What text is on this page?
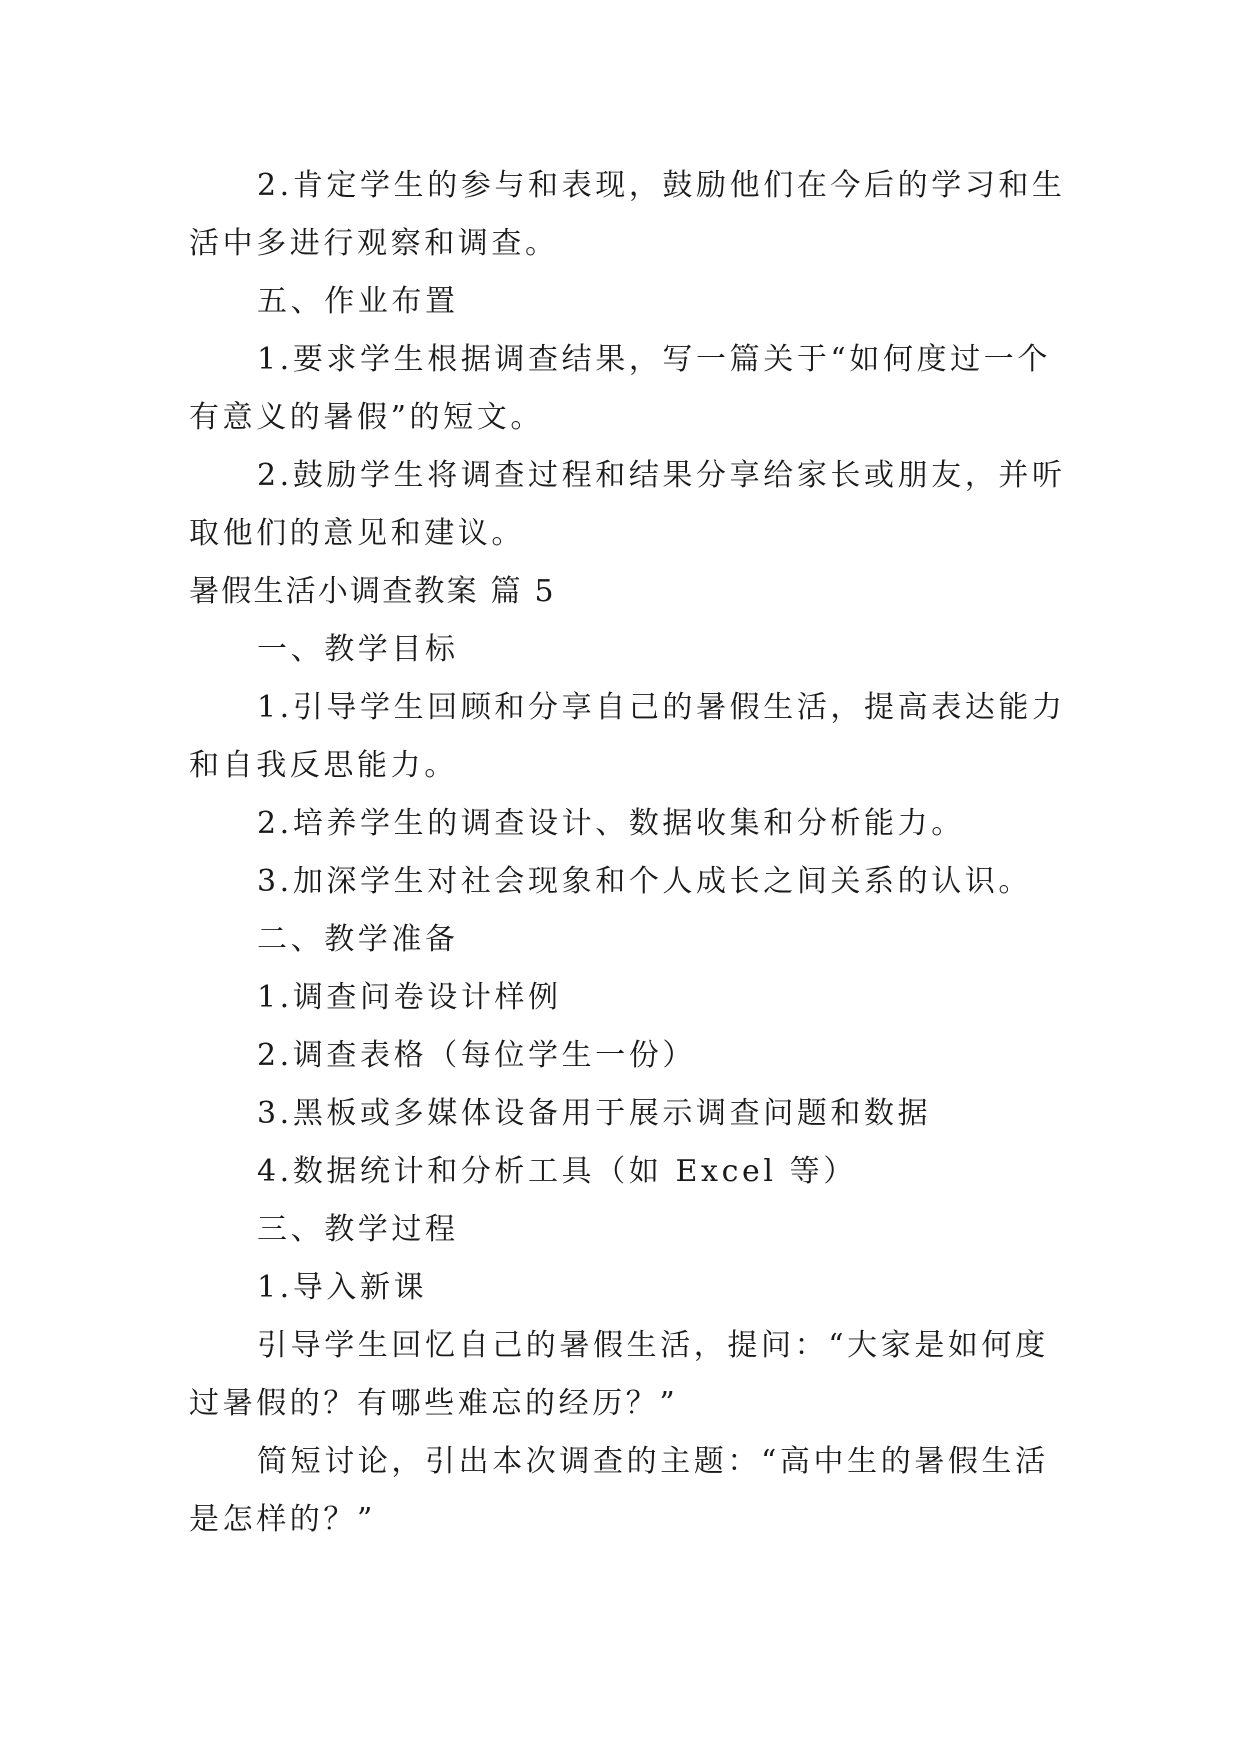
2.肯定学生的参与和表现，鼓励他们在今后的学习和生
活中多进行观察和调查。
五、作业布置
1.要求学生根据调查结果，写一篇关于“如何度过一个
有意义的暑假”的短文。
2.鼓励学生将调查过程和结果分享给家长或朋友，并听
取他们的意见和建议。
暑假生活小调查教案 篇 5
一、教学目标
1.引导学生回顾和分享自己的暑假生活，提高表达能力
和自我反思能力。
2.培养学生的调查设计、数据收集和分析能力。
3.加深学生对社会现象和个人成长之间关系的认识。
二、教学准备
1.调查问卷设计样例
2.调查表格（每位学生一份）
3.黑板或多媒体设备用于展示调查问题和数据
4.数据统计和分析工具（如 Excel 等）
三、教学过程
1.导入新课
引导学生回忆自己的暑假生活，提问：“大家是如何度
过暑假的？有哪些难忘的经历？”
简短讨论，引出本次调查的主题：“高中生的暑假生活
是怎样的？”
